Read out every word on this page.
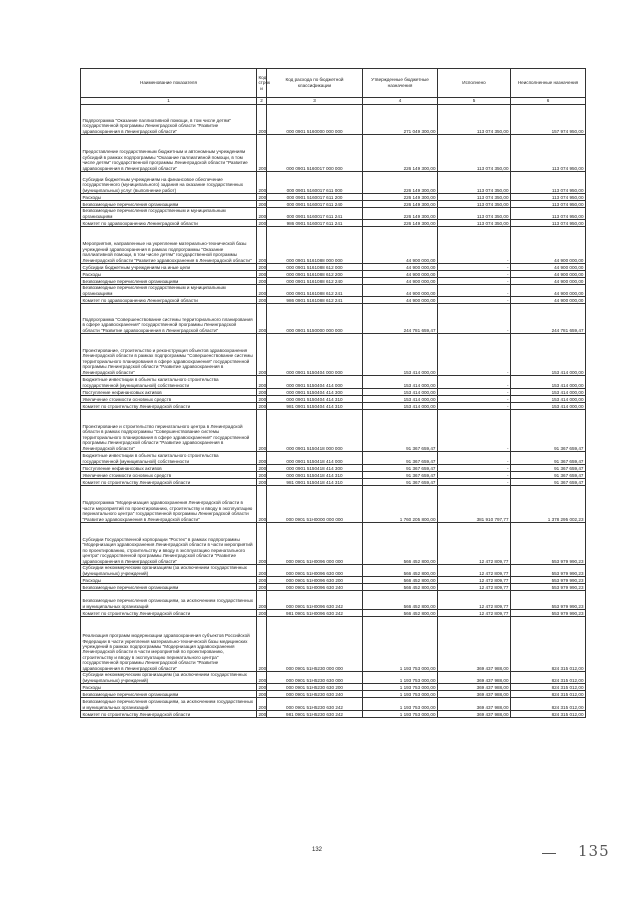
Наименование показателя	Код строк и	Код расхода по бюджетной классификации	Утвержденные бюджетные назначения	Исполнено	Неисполненные назначения
1	2	3	4	5	6
Подпрограмма "Оказание паллиативной помощи, в том числе детям" государственной программы Ленинградской области "Развитие здравоохранения в Ленинградской области"	200	000 0901 5160000 000 000	271 049 300,00	113 074 350,00	157 974 950,00
Предоставление государственным бюджетным и автономным учреждениям субсидий в рамках подпрограммы "Оказание паллиативной помощи, в том числе детям" государственной программы Ленинградской области "Развитие здравоохранения в Ленинградской области"	200	000 0901 5160017 000 000	226 149 300,00	113 074 350,00	113 074 950,00
Субсидии бюджетным учреждениям на финансовое обеспечение государственного (муниципального) задания на оказание государственных (муниципальных) услуг (выполнение работ)	200	000 0901 5160017 611 000	226 149 300,00	113 074 350,00	113 074 950,00
Расходы	200	000 0901 5160017 611 200	226 149 300,00	113 074 350,00	113 074 950,00
Безвозмездные перечисления организациям	200	000 0901 5160017 611 240	226 149 300,00	113 074 350,00	113 074 950,00
Безвозмездные перечисления государственным и муниципальным организациям	200	000 0901 5160017 611 241	226 149 300,00	113 074 350,00	113 074 950,00
Комитет по здравоохранению Ленинградской области	200	986 0901 5160017 611 241	226 149 300,00	113 074 350,00	113 074 950,00
Мероприятия, направленные на укрепление материально-технической базы учреждений здравоохранения в рамках подпрограммы "Оказание паллиативной помощи, в том числе детям" государственной программы Ленинградской области "Развитие здравоохранения в Ленинградской области"	200	000 0901 5161088 000 000	44 900 000,00	-	44 900 000,00
Субсидии бюджетным учреждениям на иные цели	200	000 0901 5161088 612 000	44 900 000,00	-	44 900 000,00
Расходы	200	000 0901 5161088 612 200	44 900 000,00	-	44 900 000,00
Безвозмездные перечисления организациям	200	000 0901 5161088 612 240	44 900 000,00	-	44 900 000,00
Безвозмездные перечисления государственным и муниципальным организациям	200	000 0901 5161088 612 241	44 900 000,00	-	44 900 000,00
Комитет по здравоохранению Ленинградской области	200	986 0901 5161088 612 241	44 900 000,00	-	44 900 000,00
Подпрограмма "Совершенствование системы территориального планирования в сфере здравоохранения" государственной программы Ленинградской области "Развитие здравоохранения в Ленинградской области"	200	000 0901 5150000 000 000	244 781 659,47	-	244 781 659,47
Проектирование, строительство и реконструкция объектов здравоохранения Ленинградской области в рамках подпрограммы "Совершенствование системы территориального планирования в сфере здравоохранения" государственной программы Ленинградской области "Развитие здравоохранения в Ленинградской области"	200	000 0901 5150404 000 000	153 414 000,00	-	153 414 000,00
Бюджетные инвестиции в объекты капитального строительства государственной (муниципальной) собственности	200	000 0901 5150404 414 000	153 414 000,00	-	153 414 000,00
Поступление нефинансовых активов	200	000 0901 5150404 414 300	153 414 000,00	-	153 414 000,00
Увеличение стоимости основных средств	200	000 0901 5150404 414 310	153 414 000,00	-	153 414 000,00
Комитет по строительству Ленинградской области	200	981 0901 5150404 414 310	153 414 000,00	-	153 414 000,00
Проектирование и строительство перинатального центра в Ленинградской области в рамках подпрограммы "Совершенствование системы территориального планирования в сфере здравоохранения" государственной программы Ленинградской области "Развитие здравоохранения в Ленинградской области"	200	000 0901 5150418 000 000	91 367 659,47	-	91 367 659,47
Бюджетные инвестиции в объекты капитального строительства государственной (муниципальной) собственности	200	000 0901 5150418 414 000	91 367 659,47	-	91 367 659,47
Поступление нефинансовых активов	200	000 0901 5150418 414 300	91 367 659,47	-	91 367 659,47
Увеличение стоимости основных средств	200	000 0901 5150418 414 310	91 367 659,47	-	91 367 659,47
Комитет по строительству Ленинградской области	200	981 0901 5150418 414 310	91 367 659,47	-	91 367 659,47
Подпрограмма "Модернизация здравоохранения Ленинградской области в части мероприятий по проектированию, строительству и вводу в эксплуатацию перинатального центра" государственной программы Ленинградской области "Развитие здравоохранения в Ленинградской области"	200	000 0901 51Н0000 000 000	1 760 205 800,00	381 910 797,77	1 378 295 002,23
Субсидии Государственной корпорации "Ростех" в рамках подпрограммы "Модернизация здравоохранения Ленинградской области в части мероприятий по проектированию, строительству и вводу в эксплуатацию перинатального центра" государственной программы Ленинградской области "Развитие здравоохранения в Ленинградской области"	200	000 0901 51Н0096 000 000	566 452 800,00	12 472 809,77	553 979 990,23
Субсидии некоммерческим организациям (за исключением государственных (муниципальных) учреждений)	200	000 0901 51Н0096 630 000	566 452 800,00	12 472 809,77	553 979 990,23
Расходы	200	000 0901 51Н0096 630 200	566 452 800,00	12 472 809,77	553 979 990,23
Безвозмездные перечисления организациям	200	000 0901 51Н0096 630 240	566 452 800,00	12 472 809,77	553 979 990,23
Безвозмездные перечисления организациям, за исключением государственных и муниципальных организаций	200	000 0901 51Н0096 630 242	566 452 800,00	12 472 809,77	553 979 990,23
Комитет по строительству Ленинградской области	200	981 0901 51Н0096 630 242	566 452 800,00	12 472 809,77	553 979 990,23
Реализация программ модернизации здравоохранения субъектов Российской Федерации в части укрепления материально-технической базы медицинских учреждений в рамках подпрограммы "Модернизация здравоохранения Ленинградской области в части мероприятий по проектированию, строительству и вводу в эксплуатацию перинатального центра" государственной программы Ленинградской области "Развитие здравоохранения в Ленинградской области"	200	000 0901 51Н5230 000 000	1 193 753 000,00	369 437 988,00	824 315 012,00
Субсидии некоммерческим организациям (за исключением государственных (муниципальных) учреждений)	200	000 0901 51Н5230 630 000	1 193 753 000,00	369 437 988,00	824 315 012,00
Расходы	200	000 0901 51Н5230 630 200	1 193 753 000,00	369 437 988,00	824 315 012,00
Безвозмездные перечисления организациям	200	000 0901 51Н5230 630 240	1 193 753 000,00	369 437 988,00	824 315 012,00
Безвозмездные перечисления организациям, за исключением государственных и муниципальных организаций	200	000 0901 51Н5230 630 242	1 193 753 000,00	369 437 988,00	824 315 012,00
Комитет по строительству Ленинградской области	200	981 0901 51Н5230 630 242	1 193 753 000,00	369 437 988,00	824 315 012,00
132	135
